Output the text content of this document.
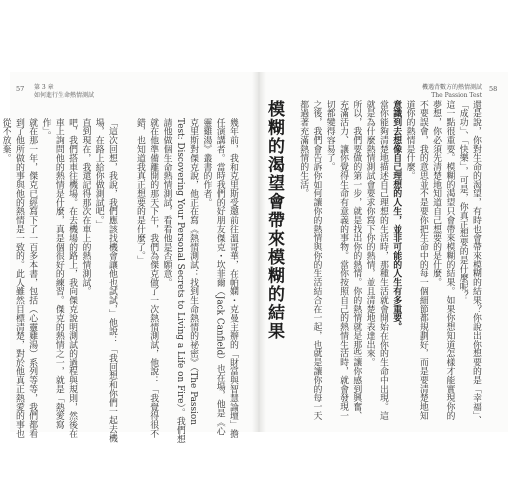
57 第 3 章
如何進行生命熱情測試

幾年前，我和克里斯受邀前往溫哥華，在帕嫻・克曼主辦的「財富與智慧論壇」擔任演講者。當時我們的好朋友傑克・坎菲爾（Jack Canfield）也在場，他是《心靈雞湯》叢書的作者。

克里斯對傑克說，他正在寫《熱情測試：找到生命熱情的祕密》（The Passion Test: Discovering Your Personal Secrets to Living a Life on Fire）。我們想請他做個生命熱情測試，看看他是否願意。

就在他準備離開的那天下午，我們為傑克做了一次熱情測試，他說：「我覺得很不錯，也知道我真正想要的是什麼了。」

「這次回想，我說，我們應該找機會讓他也試試，」他說：「我回想和你們一起去機場，在路上給你做測試吧。」

直到現在，我還記得那次在車上的熱情測試。

吧，我們搭車往機場。在去機場的路上，我向傑克說明測試的過程與規則，然後在車上詢問他的熱情是什麼，真是個很好的練習。傑克的熱情之一，就是「熱愛寫作」。

就在那一年，傑克已經寫下了一百多本書，包括（心靈雞湯）系列等等，我們都看到了他所做的事與他的熱情是一致的。此人雖然目標清楚，對於他真正熱愛的事也從不放棄。	模糊的渴望會帶來模糊的結果
機遇背數方的熱情測試
The Passion Test
58

還是說，你對生命的渴望，有時也會帶來模糊的結果？你說出你想要的是「幸福」、「成功」、「快樂」，可是，你真正想要的是什麼呢？

這一點很重要。模糊的渴望只會帶來模糊的結果。如果你想知道怎樣才能實現你的夢想，你必須先清楚地知道自己想要的是什麼。

不要誤會，我的意思並不是要你把生命中的每一個細節都規劃好，而是要清楚地知道你的熱情是什麼。

意識到去想像自己理想的人生，並非可能的人生有多重要。

當你能夠清楚地描述自己理想的生活時，那種生活就會開始在你的生命中出現。這就是為什麼熱情測試會要求你寫下你的熱情，並且清楚地表達出來。

所以，我們要做的第一步，就是找出你的熱情。你的熱情就是那些讓你感到興奮、充滿活力、讓你覺得生命有意義的事物。當你按照自己的熱情生活時，就會發現一切都變得容易了。

之後，我們會告訴你如何讓你的熱情與你的生活結合在一起，也就是讓你的每一天都過著充滿熱情的生活。
